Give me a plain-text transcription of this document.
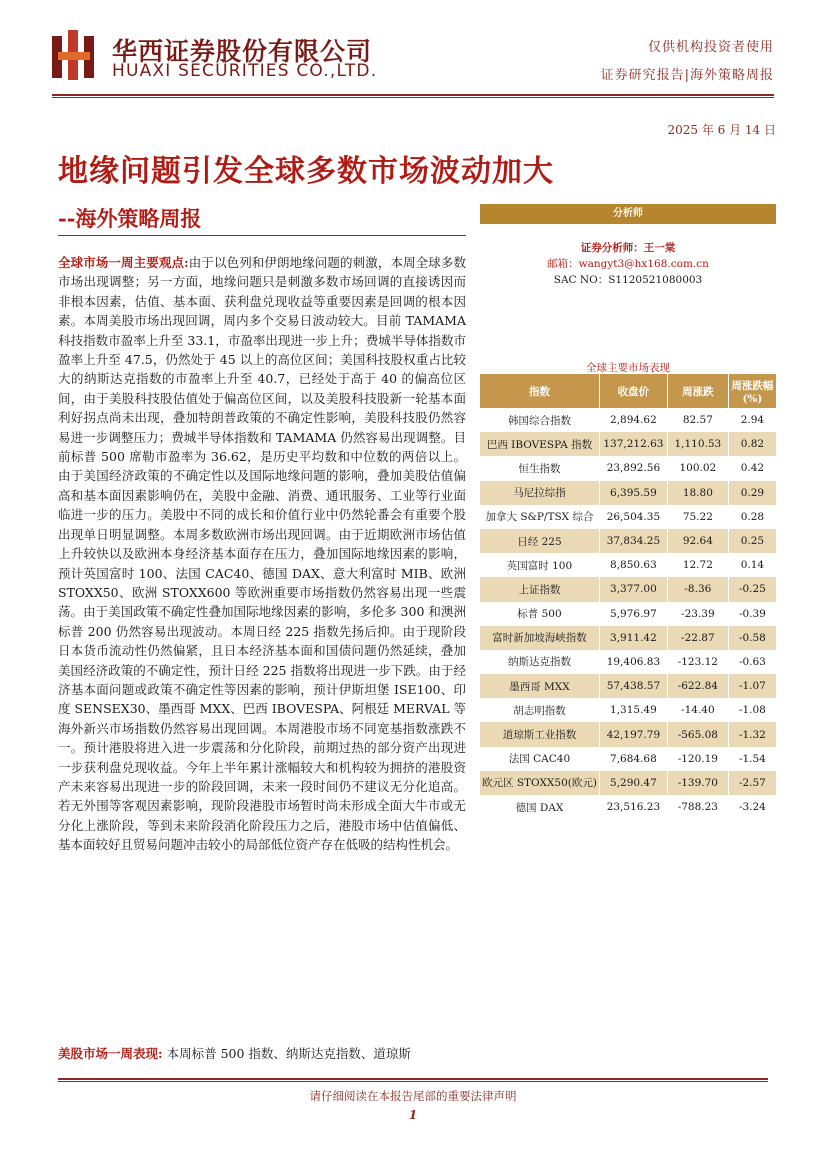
华西证券股份有限公司
HUAXI SECURITIES CO.,LTD.
仅供机构投资者使用
证券研究报告|海外策略周报
2025 年 6 月 14 日
地缘问题引发全球多数市场波动加大
--海外策略周报
全球市场一周主要观点:由于以色列和伊朗地缘问题的刺激，本周全球多数市场出现调整；另一方面，地缘问题只是刺激多数市场回调的直接诱因而非根本因素，估值、基本面、获利盘兑现收益等重要因素是回调的根本因素。本周美股市场出现回调，周内多个交易日波动较大。目前 TAMAMA 科技指数市盈率上升至 33.1，市盈率出现进一步上升；费城半导体指数市盈率上升至 47.5，仍然处于 45 以上的高位区间；美国科技股权重占比较大的纳斯达克指数的市盈率上升至 40.7，已经处于高于 40 的偏高位区间，由于美股科技股估值处于偏高位区间，以及美股科技股新一轮基本面利好拐点尚未出现，叠加特朗普政策的不确定性影响，美股科技股仍然容易进一步调整压力；费城半导体指数和 TAMAMA 仍然容易出现调整。目前标普 500 席勒市盈率为 36.62，是历史平均数和中位数的两倍以上。由于美国经济政策的不确定性以及国际地缘问题的影响，叠加美股估值偏高和基本面因素影响仍在，美股中金融、消费、通讯服务、工业等行业面临进一步的压力。美股中不同的成长和价值行业中仍然轮番会有重要个股出现单日明显调整。本周多数欧洲市场出现回调。由于近期欧洲市场估值上升较快以及欧洲本身经济基本面存在压力，叠加国际地缘因素的影响，预计英国富时 100、法国 CAC40、德国 DAX、意大利富时 MIB、欧洲 STOXX50、欧洲 STOXX600 等欧洲重要市场指数仍然容易出现一些震荡。由于美国政策不确定性叠加国际地缘因素的影响，多伦多 300 和澳洲标普 200 仍然容易出现波动。本周日经 225 指数先扬后抑。由于现阶段日本货币流动性仍然偏紧，且日本经济基本面和国债问题仍然延续，叠加美国经济政策的不确定性，预计日经 225 指数将出现进一步下跌。由于经济基本面问题或政策不确定性等因素的影响，预计伊斯坦堡 ISE100、印度 SENSEX30、墨西哥 MXX、巴西 IBOVESPA、阿根廷 MERVAL 等海外新兴市场指数仍然容易出现回调。本周港股市场不同宽基指数涨跌不一。预计港股将进入进一步震荡和分化阶段，前期过热的部分资产出现进一步获利盘兑现收益。今年上半年累计涨幅较大和机构较为拥挤的港股资产未来容易出现进一步的阶段回调，未来一段时间仍不建议无分化追高。若无外围等客观因素影响，现阶段港股市场暂时尚未形成全面大牛市或无分化上涨阶段，等到未来阶段消化阶段压力之后，港股市场中估值偏低、基本面较好且贸易问题冲击较小的局部低位资产存在低吸的结构性机会。
美股市场一周表现: 本周标普 500 指数、纳斯达克指数、道琼斯
分析师
证券分析师：王一棠
邮箱：wangyt3@hx168.com.cn
SAC NO：S1120521080003
全球主要市场表现
指数	收盘价	周涨跌	周涨跌幅(%)
韩国综合指数	2,894.62	82.57	2.94
巴西 IBOVESPA 指数	137,212.63	1,110.53	0.82
恒生指数	23,892.56	100.02	0.42
马尼拉综指	6,395.59	18.80	0.29
加拿大 S&P/TSX 综合	26,504.35	75.22	0.28
日经 225	37,834.25	92.64	0.25
英国富时 100	8,850.63	12.72	0.14
上证指数	3,377.00	-8.36	-0.25
标普 500	5,976.97	-23.39	-0.39
富时新加坡海峡指数	3,911.42	-22.87	-0.58
纳斯达克指数	19,406.83	-123.12	-0.63
墨西哥 MXX	57,438.57	-622.84	-1.07
胡志明指数	1,315.49	-14.40	-1.08
道琼斯工业指数	42,197.79	-565.08	-1.32
法国 CAC40	7,684.68	-120.19	-1.54
欧元区 STOXX50(欧元)	5,290.47	-139.70	-2.57
德国 DAX	23,516.23	-788.23	-3.24
请仔细阅读在本报告尾部的重要法律声明
1
